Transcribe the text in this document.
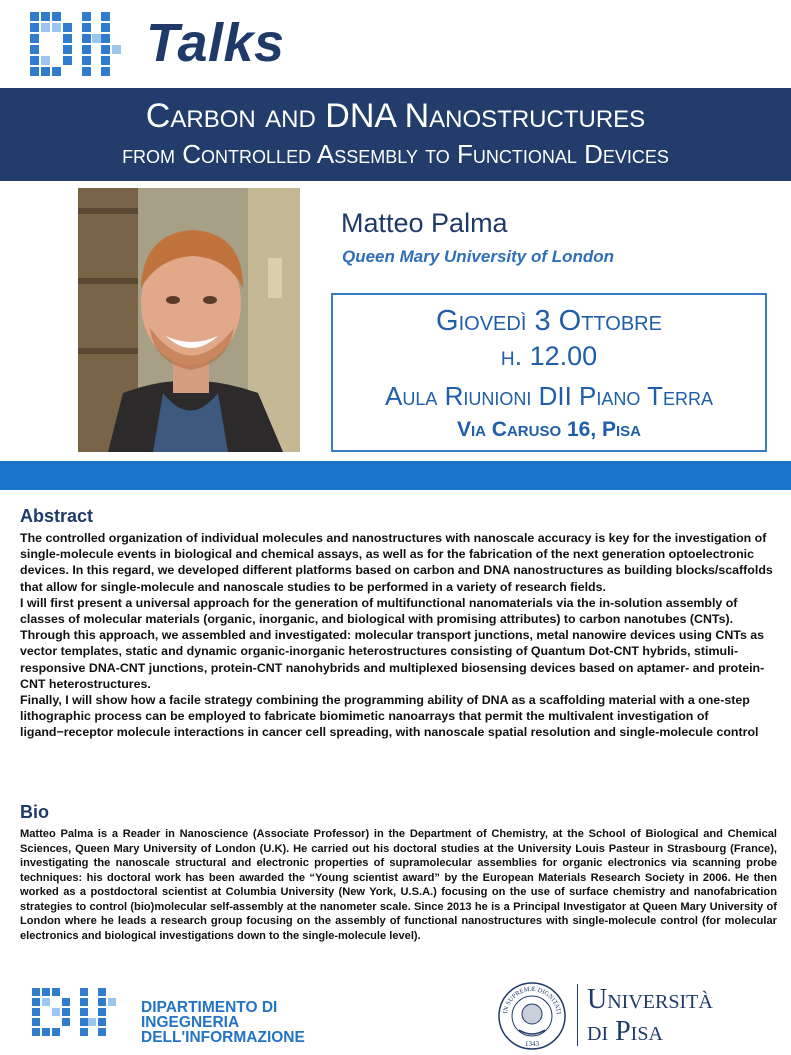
Talks
Carbon and DNA Nanostructures
from Controlled Assembly to Functional Devices
Matteo Palma
Queen Mary University of London
Giovedì 3 Ottobre
h. 12.00
Aula Riunioni DII Piano Terra
Via Caruso 16, Pisa
Abstract

The controlled organization of individual molecules and nanostructures with nanoscale accuracy is key for the investigation of single-molecule events in biological and chemical assays, as well as for the fabrication of the next generation optoelectronic devices. In this regard, we developed different platforms based on carbon and DNA nanostructures as building blocks/scaffolds that allow for single-molecule and nanoscale studies to be performed in a variety of research fields.

I will first present a universal approach for the generation of multifunctional nanomaterials via the in-solution assembly of classes of molecular materials (organic, inorganic, and biological with promising attributes) to carbon nanotubes (CNTs). Through this approach, we assembled and investigated: molecular transport junctions, metal nanowire devices using CNTs as vector templates, static and dynamic organic-inorganic heterostructures consisting of Quantum Dot-CNT hybrids, stimuli-responsive DNA-CNT junctions, protein-CNT nanohybrids and multiplexed biosensing devices based on aptamer- and protein-CNT heterostructures.

Finally, I will show how a facile strategy combining the programming ability of DNA as a scaffolding material with a one-step lithographic process can be employed to fabricate biomimetic nanoarrays that permit the multivalent investigation of ligand−receptor molecule interactions in cancer cell spreading, with nanoscale spatial resolution and single-molecule control

Bio
Matteo Palma is a Reader in Nanoscience (Associate Professor) in the Department of Chemistry, at the School of Biological and Chemical Sciences, Queen Mary University of London (U.K). He carried out his doctoral studies at the University Louis Pasteur in Strasbourg (France), investigating the nanoscale structural and electronic properties of supramolecular assemblies for organic electronics via scanning probe techniques: his doctoral work has been awarded the “Young scientist award” by the European Materials Research Society in 2006. He then worked as a postdoctoral scientist at Columbia University (New York, U.S.A.) focusing on the use of surface chemistry and nanofabrication strategies to control (bio)molecular self-assembly at the nanometer scale. Since 2013 he is a Principal Investigator at Queen Mary University of London where he leads a research group focusing on the assembly of functional nanostructures with single-molecule control (for molecular electronics and biological investigations down to the single-molecule level).
DIPARTIMENTO DI
INGEGNERIA
DELL'INFORMAZIONE
IN SUPREMÆ DIGNITATI
1343
Università
di Pisa
